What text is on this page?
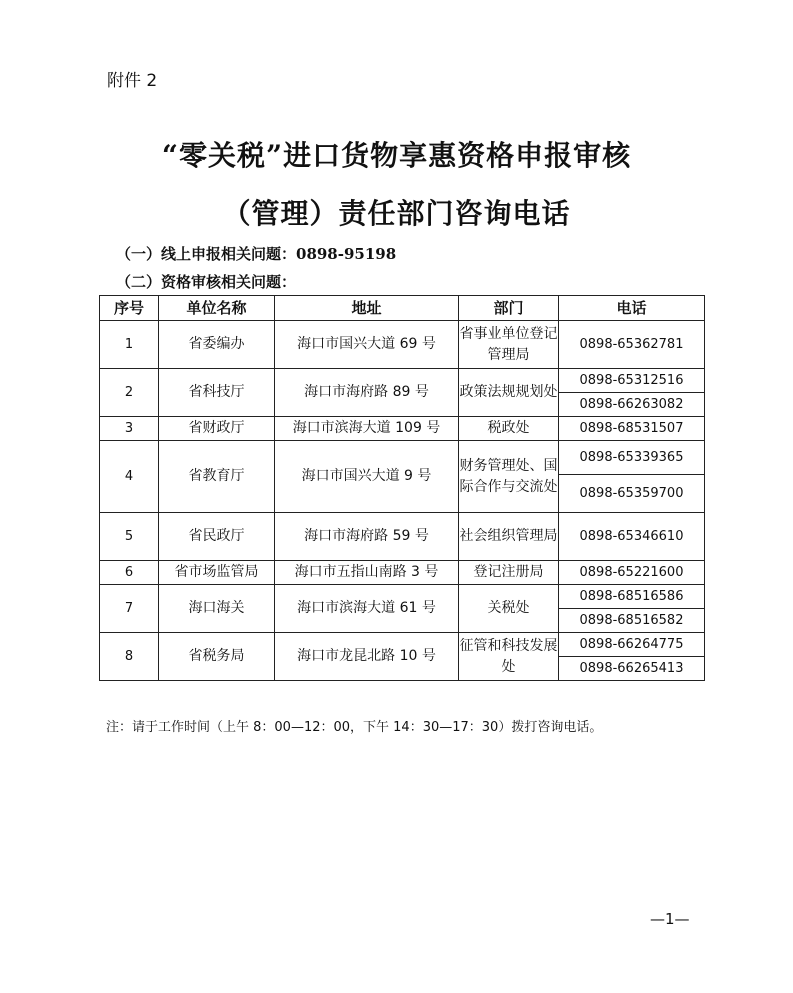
附件 2
“零关税”进口货物享惠资格申报审核
（管理）责任部门咨询电话
（一）线上申报相关问题：0898-95198
（二）资格审核相关问题：
序号	单位名称	地址	部门	电话
1	省委编办	海口市国兴大道 69 号	省事业单位登记管理局	0898-65362781
2	省科技厅	海口市海府路 89 号	政策法规规划处	0898-65312516
				0898-66263082
3	省财政厅	海口市滨海大道 109 号	税政处	0898-68531507
4	省教育厅	海口市国兴大道 9 号	财务管理处、国际合作与交流处	0898-65339365
				0898-65359700
5	省民政厅	海口市海府路 59 号	社会组织管理局	0898-65346610
6	省市场监管局	海口市五指山南路 3 号	登记注册局	0898-65221600
7	海口海关	海口市滨海大道 61 号	关税处	0898-68516586
				0898-68516582
8	省税务局	海口市龙昆北路 10 号	征管和科技发展处	0898-66264775
				0898-66265413
注：请于工作时间（上午 8：00—12：00，下午 14：30—17：30）拨打咨询电话。
—1—
